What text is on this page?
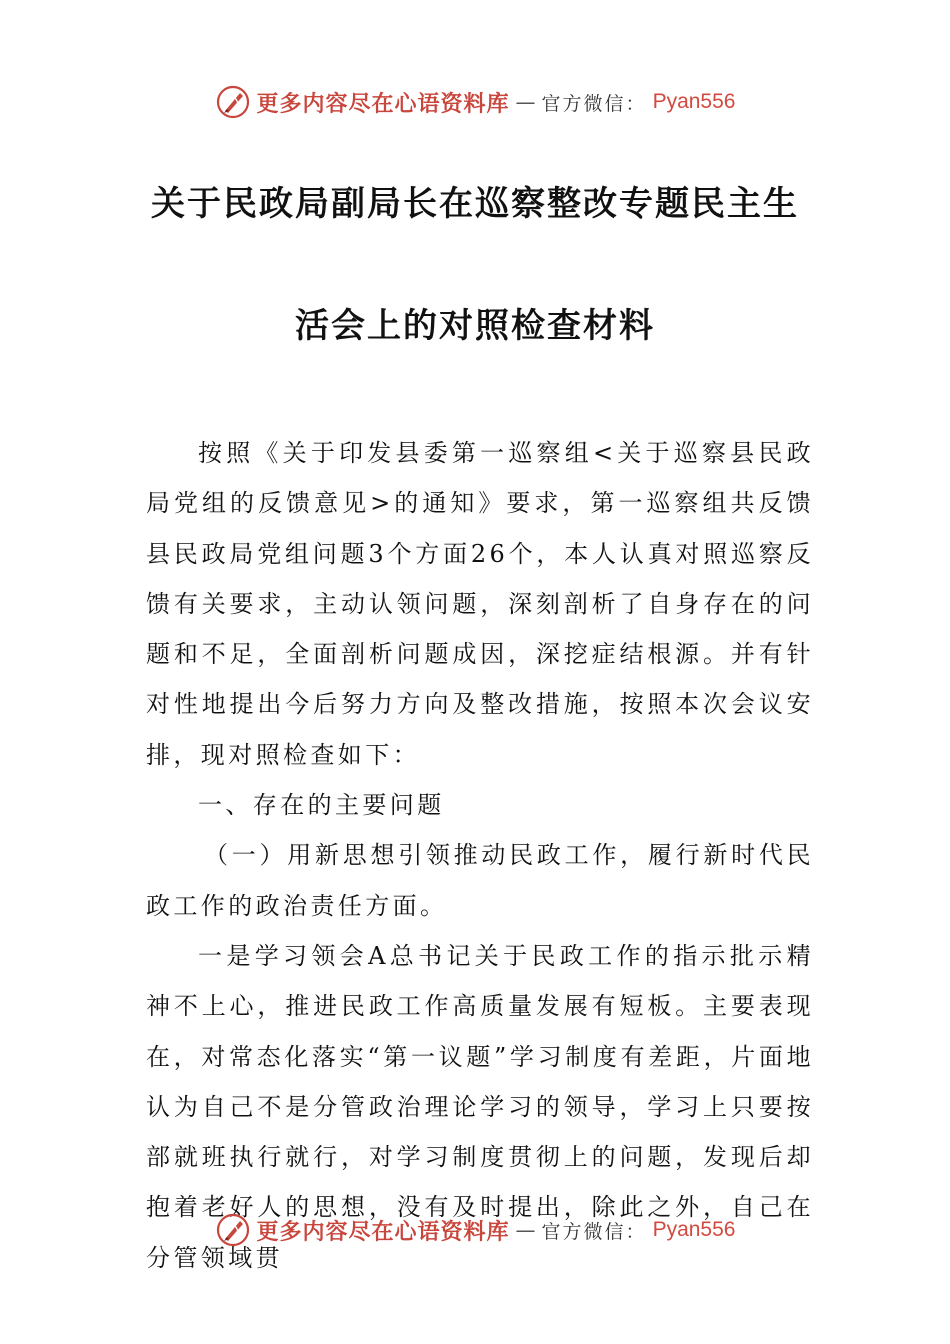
更多内容尽在心语资料库 — 官方微信： Pyan556
关于民政局副局长在巡察整改专题民主生
活会上的对照检查材料

按照《关于印发县委第一巡察组<关于巡察县民政局党组的反馈意见>的通知》要求，第一巡察组共反馈县民政局党组问题3个方面26个，本人认真对照巡察反馈有关要求，主动认领问题，深刻剖析了自身存在的问题和不足，全面剖析问题成因，深挖症结根源。并有针对性地提出今后努力方向及整改措施，按照本次会议安排，现对照检查如下：

一、存在的主要问题

（一）用新思想引领推动民政工作，履行新时代民政工作的政治责任方面。

一是学习领会A总书记关于民政工作的指示批示精神不上心，推进民政工作高质量发展有短板。主要表现在，对常态化落实“第一议题”学习制度有差距，片面地认为自己不是分管政治理论学习的领导，学习上只要按部就班执行就行，对学习制度贯彻上的问题，发现后却抱着老好人的思想，没有及时提出，除此之外，自己在分管领域贯

更多内容尽在心语资料库 — 官方微信： Pyan556
